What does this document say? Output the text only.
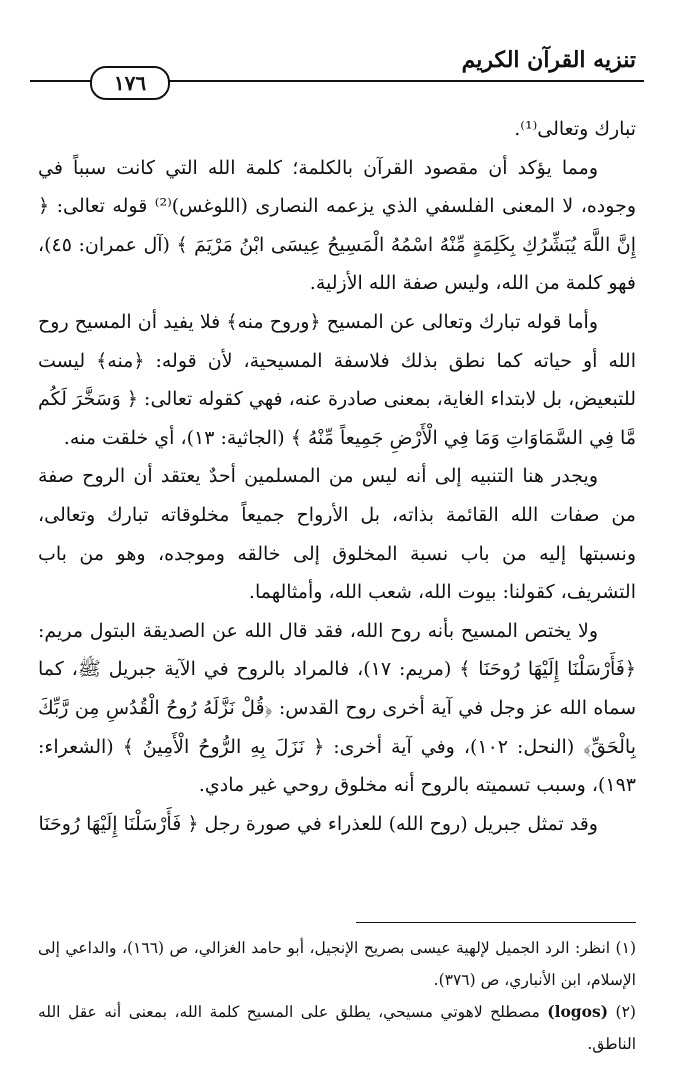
تنزيه القرآن الكريم
١٧٦

تبارك وتعالى⁽¹⁾.

ومما يؤكد أن مقصود القرآن بالكلمة؛ كلمة الله التي كانت سبباً في وجوده، لا المعنى الفلسفي الذي يزعمه النصارى (اللوغس)⁽²⁾ قوله تعالى: ﴿ إِنَّ اللَّهَ يُبَشِّرُكِ بِكَلِمَةٍ مِّنْهُ اسْمُهُ الْمَسِيحُ عِيسَى ابْنُ مَرْيَمَ ﴾ (آل عمران: ٤٥)، فهو كلمة من الله، وليس صفة الله الأزلية.

وأما قوله تبارك وتعالى عن المسيح ﴿وروح منه﴾ فلا يفيد أن المسيح روح الله أو حياته كما نطق بذلك فلاسفة المسيحية، لأن قوله: ﴿منه﴾ ليست للتبعيض، بل لابتداء الغاية، بمعنى صادرة عنه، فهي كقوله تعالى: ﴿ وَسَخَّرَ لَكُم مَّا فِي السَّمَاوَاتِ وَمَا فِي الْأَرْضِ جَمِيعاً مِّنْهُ ﴾ (الجاثية: ١٣)، أي خلقت منه.

ويجدر هنا التنبيه إلى أنه ليس من المسلمين أحدٌ يعتقد أن الروح صفة من صفات الله القائمة بذاته، بل الأرواح جميعاً مخلوقاته تبارك وتعالى، ونسبتها إليه من باب نسبة المخلوق إلى خالقه وموجده، وهو من باب التشريف، كقولنا: بيوت الله، شعب الله، وأمثالهما.

ولا يختص المسيح بأنه روح الله، فقد قال الله عن الصديقة البتول مريم: ﴿فَأَرْسَلْنَا إِلَيْهَا رُوحَنَا ﴾ (مريم: ١٧)، فالمراد بالروح في الآية جبريل ﷺ، كما سماه الله عز وجل في آية أخرى روح القدس: ﴿قُلْ نَزَّلَهُ رُوحُ الْقُدُسِ مِن رَّبِّكَ بِالْحَقِّ﴾ (النحل: ١٠٢)، وفي آية أخرى: ﴿ نَزَلَ بِهِ الرُّوحُ الْأَمِينُ ﴾ (الشعراء: ١٩٣)، وسبب تسميته بالروح أنه مخلوق روحي غير مادي.

وقد تمثل جبريل (روح الله) للعذراء في صورة رجل ﴿ فَأَرْسَلْنَا إِلَيْهَا رُوحَنَا

(١) انظر: الرد الجميل لإلهية عيسى بصريح الإنجيل، أبو حامد الغزالي، ص (١٦٦)، والداعي إلى الإسلام، ابن الأنباري، ص (٣٧٦).

(٢) (logos) مصطلح لاهوتي مسيحي، يطلق على المسيح كلمة الله، بمعنى أنه عقل الله الناطق.
